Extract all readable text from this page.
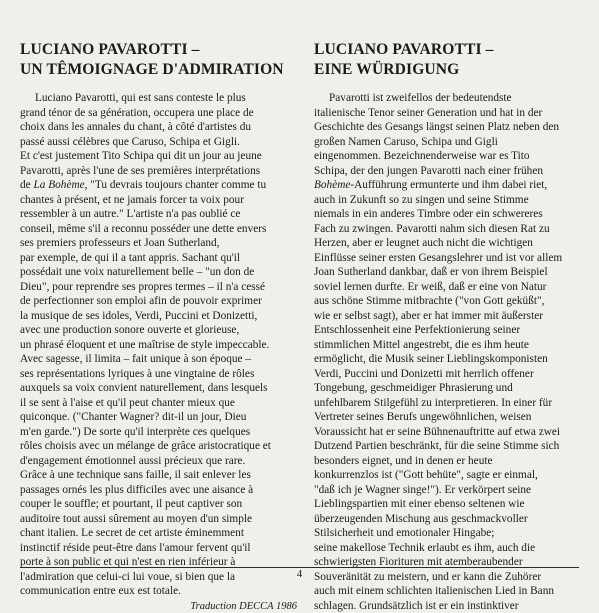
LUCIANO PAVAROTTI –
UN TÊMOIGNAGE D'ADMIRATION
Luciano Pavarotti, qui est sans conteste le plus
grand ténor de sa génération, occupera une place de
choix dans les annales du chant, à côté d'artistes du
passé aussi célèbres que Caruso, Schipa et Gigli.
Et c'est justement Tito Schipa qui dit un jour au jeune
Pavarotti, après l'une de ses premières interprétations
de La Bohème, "Tu devrais toujours chanter comme tu
chantes à présent, et ne jamais forcer ta voix pour
ressembler à un autre." L'artiste n'a pas oublié ce
conseil, même s'il a reconnu posséder une dette envers
ses premiers professeurs et Joan Sutherland,
par exemple, de qui il a tant appris. Sachant qu'il
possédait une voix naturellement belle – "un don de
Dieu", pour reprendre ses propres termes – il n'a cessé
de perfectionner son emploi afin de pouvoir exprimer
la musique de ses idoles, Verdi, Puccini et Donizetti,
avec une production sonore ouverte et glorieuse,
un phrasé éloquent et une maîtrise de style impeccable.
Avec sagesse, il limita – fait unique à son époque –
ses représentations lyriques à une vingtaine de rôles
auxquels sa voix convient naturellement, dans lesquels
il se sent à l'aise et qu'il peut chanter mieux que
quiconque. ("Chanter Wagner? dit-il un jour, Dieu
m'en garde.") De sorte qu'il interprète ces quelques
rôles choisis avec un mélange de grâce aristocratique et
d'engagement émotionnel aussi précieux que rare.
Grâce à une technique sans faille, il sait enlever les
passages ornés les plus difficiles avec une aisance à
couper le souffle; et pourtant, il peut captiver son
auditoire tout aussi sûrement au moyen d'un simple
chant italien. Le secret de cet artiste éminemment
instinctif réside peut-être dans l'amour fervent qu'il
porte à son public et qui n'est en rien inférieur à
l'admiration que celui-ci lui voue, si bien que la
communication entre eux est totale.
Traduction DECCA 1986
LUCIANO PAVAROTTI –
EINE WÜRDIGUNG
Pavarotti ist zweifellos der bedeutendste
italienische Tenor seiner Generation und hat in der
Geschichte des Gesangs längst seinen Platz neben den
großen Namen Caruso, Schipa und Gigli
eingenommen. Bezeichnenderweise war es Tito
Schipa, der den jungen Pavarotti nach einer frühen
Bohème-Aufführung ermunterte und ihm dabei riet,
auch in Zukunft so zu singen und seine Stimme
niemals in ein anderes Timbre oder ein schwereres
Fach zu zwingen. Pavarotti nahm sich diesen Rat zu
Herzen, aber er leugnet auch nicht die wichtigen
Einflüsse seiner ersten Gesangslehrer und ist vor allem
Joan Sutherland dankbar, daß er von ihrem Beispiel
soviel lernen durfte. Er weiß, daß er eine von Natur
aus schöne Stimme mitbrachte ("von Gott geküßt",
wie er selbst sagt), aber er hat immer mit äußerster
Entschlossenheit eine Perfektionierung seiner
stimmlichen Mittel angestrebt, die es ihm heute
ermöglicht, die Musik seiner Lieblingskomponisten
Verdi, Puccini und Donizetti mit herrlich offener
Tongebung, geschmeidiger Phrasierung und
unfehlbarem Stilgefühl zu interpretieren. In einer für
Vertreter seines Berufs ungewöhnlichen, weisen
Voraussicht hat er seine Bühnenauftritte auf etwa zwei
Dutzend Partien beschränkt, für die seine Stimme sich
besonders eignet, und in denen er heute
konkurrenzlos ist ("Gott behüte", sagte er einmal,
"daß ich je Wagner singe!"). Er verkörpert seine
Lieblingspartien mit einer ebenso seltenen wie
überzeugenden Mischung aus geschmackvoller
Stilsicherheit und emotionaler Hingabe;
seine makellose Technik erlaubt es ihm, auch die
schwierigsten Fiorituren mit atemberaubender
Souveränität zu meistern, und er kann die Zuhörer
auch mit einem schlichten italienischen Lied in Bann
schlagen. Grundsätzlich ist er ein instinktiver
4
